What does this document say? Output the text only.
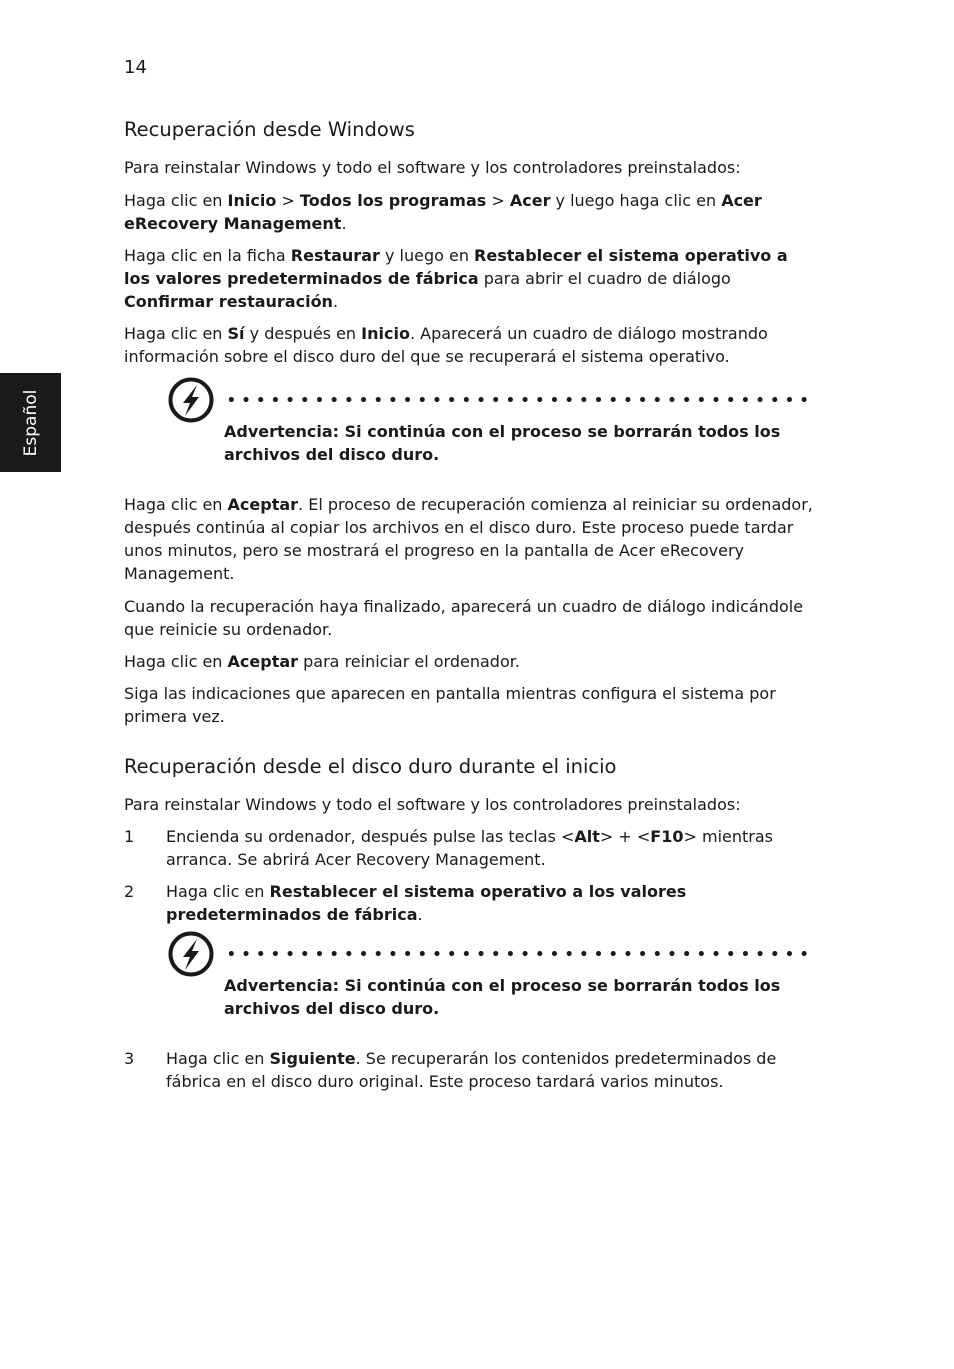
14
Español
Recuperación desde Windows

Para reinstalar Windows y todo el software y los controladores preinstalados:

Haga clic en Inicio > Todos los programas > Acer y luego haga clic en Acer eRecovery Management.

Haga clic en la ficha Restaurar y luego en Restablecer el sistema operativo a los valores predeterminados de fábrica para abrir el cuadro de diálogo Confirmar restauración.

Haga clic en Sí y después en Inicio. Aparecerá un cuadro de diálogo mostrando información sobre el disco duro del que se recuperará el sistema operativo.

Haga clic en Aceptar. El proceso de recuperación comienza al reiniciar su ordenador, después continúa al copiar los archivos en el disco duro. Este proceso puede tardar unos minutos, pero se mostrará el progreso en la pantalla de Acer eRecovery Management.

Cuando la recuperación haya finalizado, aparecerá un cuadro de diálogo indicándole que reinicie su ordenador.

Haga clic en Aceptar para reiniciar el ordenador.

Siga las indicaciones que aparecen en pantalla mientras configura el sistema por primera vez.

Recuperación desde el disco duro durante el inicio

Para reinstalar Windows y todo el software y los controladores preinstalados:

1 Encienda su ordenador, después pulse las teclas <Alt> + <F10> mientras arranca. Se abrirá Acer Recovery Management.

2 Haga clic en Restablecer el sistema operativo a los valores predeterminados de fábrica.

3 Haga clic en Siguiente. Se recuperarán los contenidos predeterminados de fábrica en el disco duro original. Este proceso tardará varios minutos.

Advertencia: Si continúa con el proceso se borrarán todos los archivos del disco duro.

Advertencia: Si continúa con el proceso se borrarán todos los archivos del disco duro.
